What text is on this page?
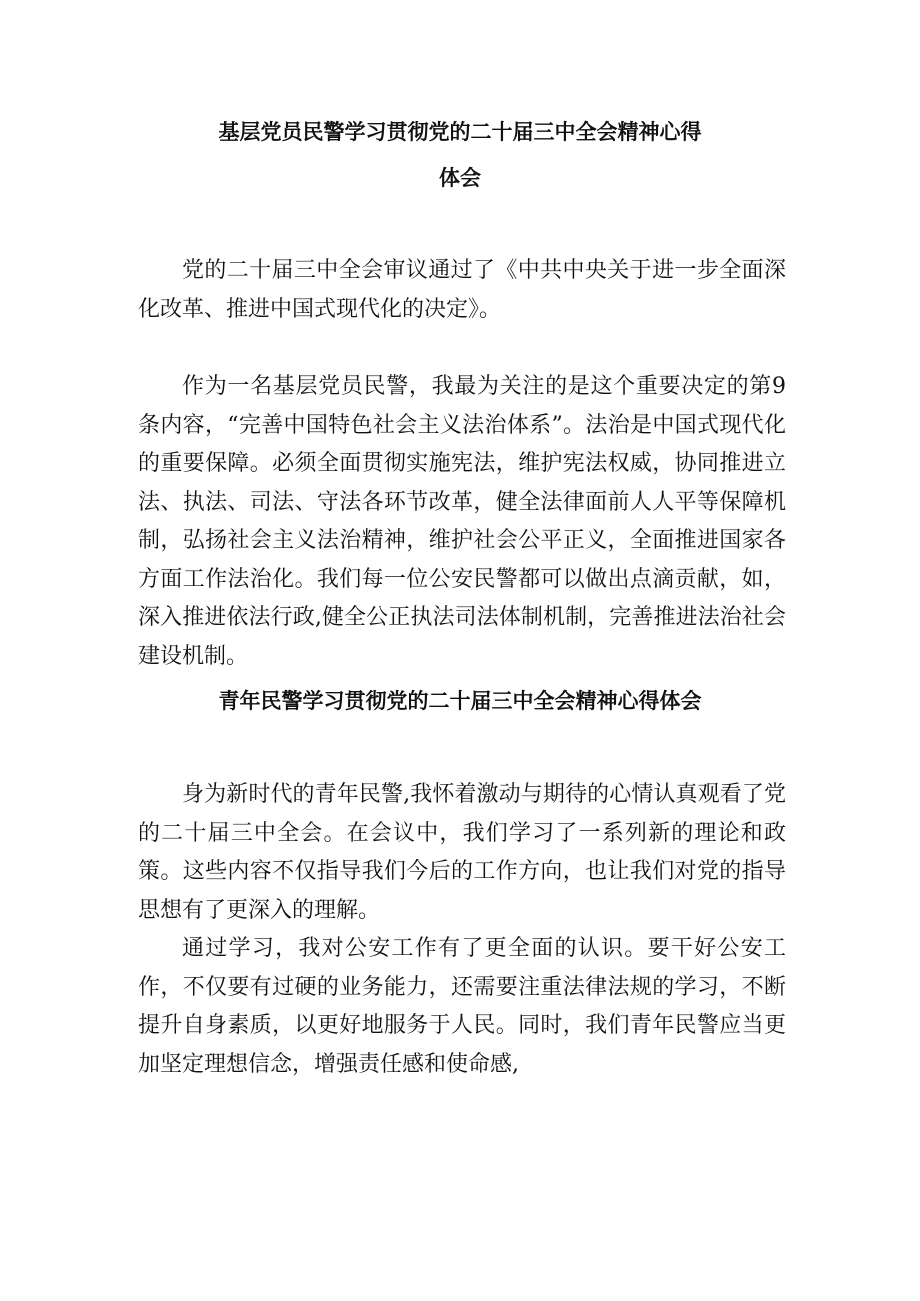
基层党员民警学习贯彻党的二十届三中全会精神心得
体会

党的二十届三中全会审议通过了《中共中央关于进一步全面深化改革、推进中国式现代化的决定》。

作为一名基层党员民警，我最为关注的是这个重要决定的第9条内容，“完善中国特色社会主义法治体系”。法治是中国式现代化的重要保障。必须全面贯彻实施宪法，维护宪法权威，协同推进立法、执法、司法、守法各环节改革，健全法律面前人人平等保障机制，弘扬社会主义法治精神，维护社会公平正义，全面推进国家各方面工作法治化。我们每一位公安民警都可以做出点滴贡献，如，深入推进依法行政,健全公正执法司法体制机制，完善推进法治社会建设机制。

青年民警学习贯彻党的二十届三中全会精神心得体会

身为新时代的青年民警,我怀着激动与期待的心情认真观看了党的二十届三中全会。在会议中，我们学习了一系列新的理论和政策。这些内容不仅指导我们今后的工作方向，也让我们对党的指导思想有了更深入的理解。

通过学习，我对公安工作有了更全面的认识。要干好公安工作，不仅要有过硬的业务能力，还需要注重法律法规的学习，不断提升自身素质，以更好地服务于人民。同时，我们青年民警应当更加坚定理想信念，增强责任感和使命感,
